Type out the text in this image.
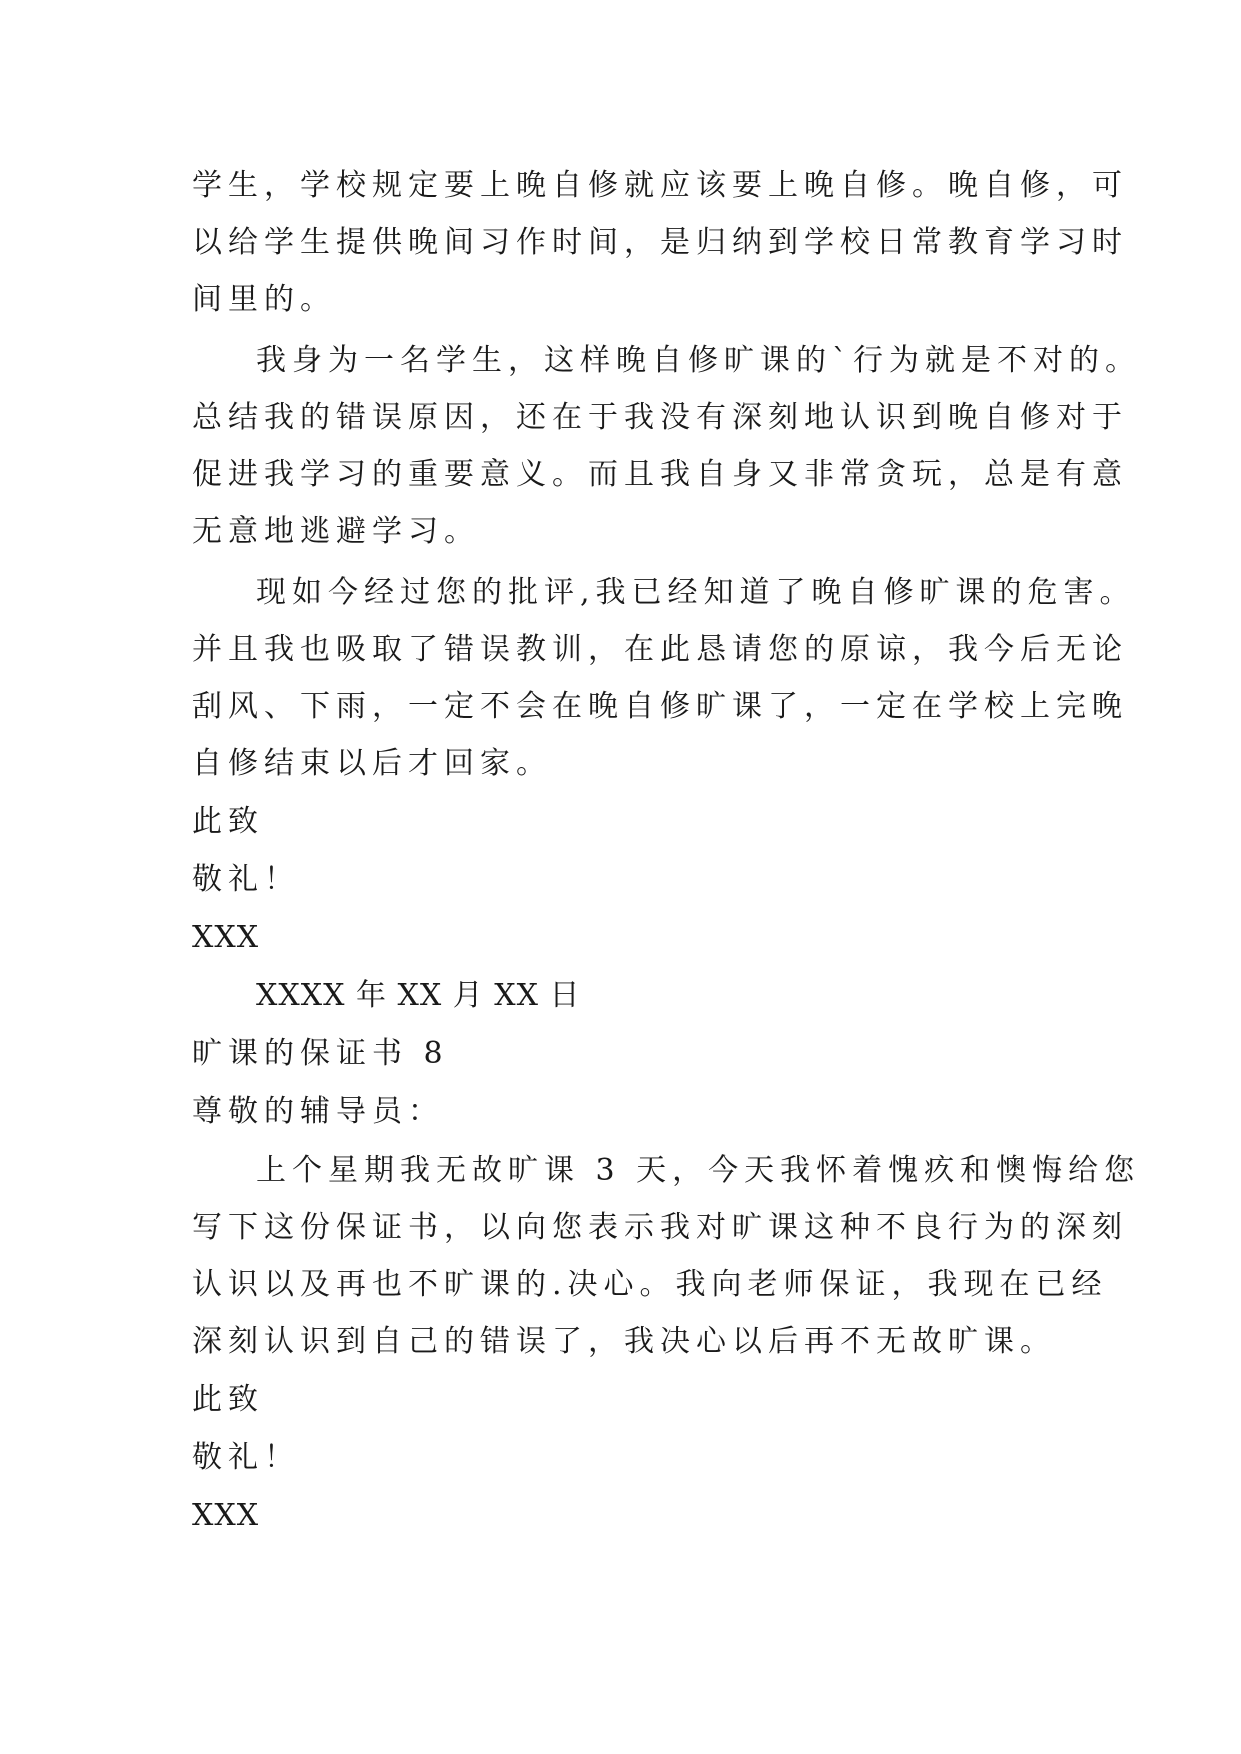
学生，学校规定要上晚自修就应该要上晚自修。晚自修，可
以给学生提供晚间习作时间，是归纳到学校日常教育学习时
间里的。
我身为一名学生，这样晚自修旷课的`行为就是不对的。
总结我的错误原因，还在于我没有深刻地认识到晚自修对于
促进我学习的重要意义。而且我自身又非常贪玩，总是有意
无意地逃避学习。
现如今经过您的批评,我已经知道了晚自修旷课的危害。
并且我也吸取了错误教训，在此恳请您的原谅，我今后无论
刮风、下雨，一定不会在晚自修旷课了，一定在学校上完晚
自修结束以后才回家。
此致
敬礼！
XXX
XXXX 年 XX 月 XX 日
旷课的保证书 8
尊敬的辅导员：
上个星期我无故旷课 3 天，今天我怀着愧疚和懊悔给您
写下这份保证书，以向您表示我对旷课这种不良行为的深刻
认识以及再也不旷课的.决心。我向老师保证，我现在已经
深刻认识到自己的错误了，我决心以后再不无故旷课。
此致
敬礼！
XXX
